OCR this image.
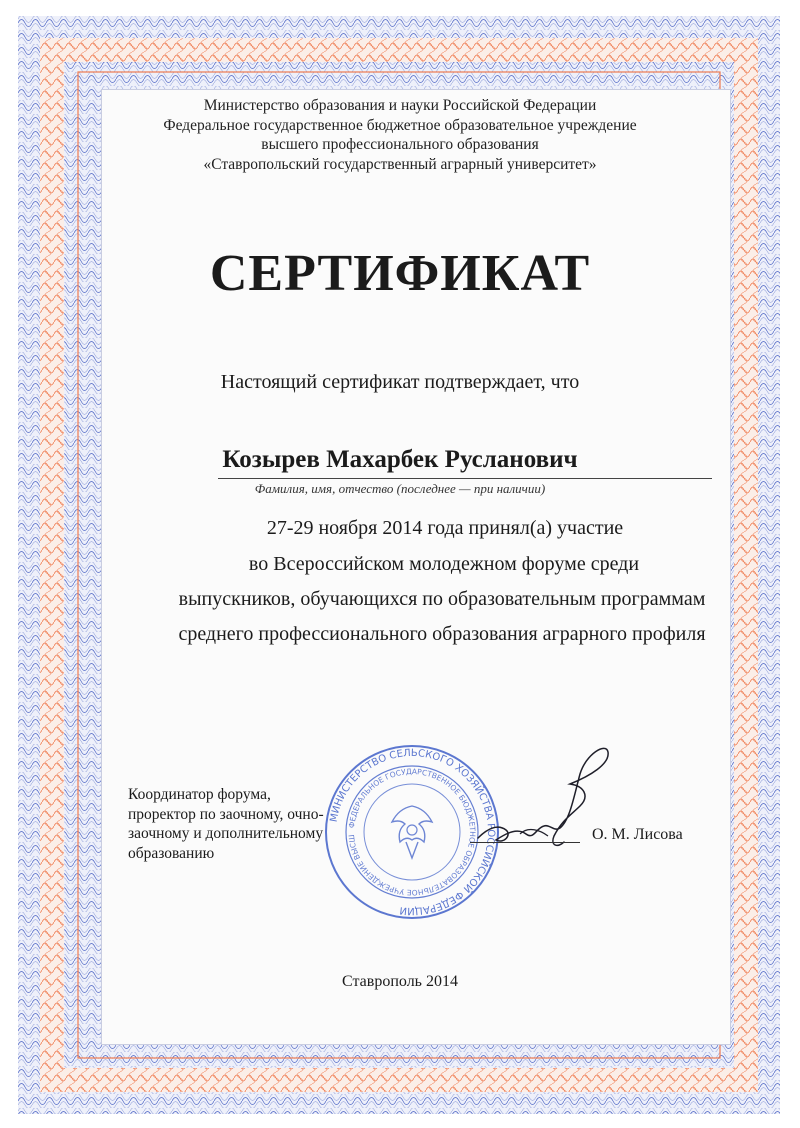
Министерство образования и науки Российской Федерации
Федеральное государственное бюджетное образовательное учреждение
высшего профессионального образования
«Ставропольский государственный аграрный университет»
СЕРТИФИКАТ
Настоящий сертификат подтверждает, что
Козырев Махарбек Русланович
Фамилия, имя, отчество (последнее — при наличии)
27-29 ноября 2014 года принял(а) участие
во Всероссийском молодежном форуме среди
выпускников, обучающихся по образовательным программам
среднего профессионального образования аграрного профиля
МИНИСТЕРСТВО СЕЛЬСКОГО ХОЗЯЙСТВА РОССИЙСКОЙ ФЕДЕРАЦИИ
ФЕДЕРАЛЬНОЕ ГОСУДАРСТВЕННОЕ БЮДЖЕТНОЕ ОБРАЗОВАТЕЛЬНОЕ УЧРЕЖДЕНИЕ ВЫСШ
Координатор форума,
проректор по заочному, очно-
заочному и дополнительному
образованию
О. М. Лисова
Ставрополь 2014
